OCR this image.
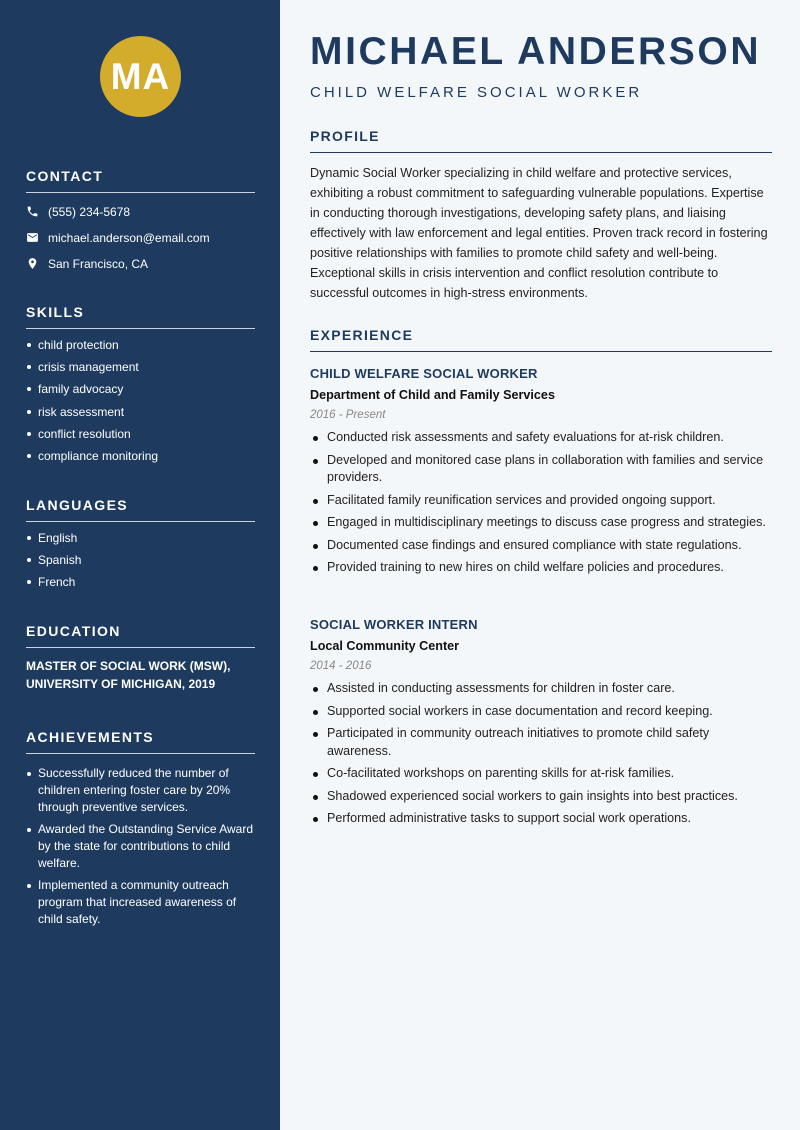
MA
CONTACT
(555) 234-5678
michael.anderson@email.com
San Francisco, CA
SKILLS
child protection
crisis management
family advocacy
risk assessment
conflict resolution
compliance monitoring
LANGUAGES
English
Spanish
French
EDUCATION
MASTER OF SOCIAL WORK (MSW), UNIVERSITY OF MICHIGAN, 2019
ACHIEVEMENTS
Successfully reduced the number of children entering foster care by 20% through preventive services.
Awarded the Outstanding Service Award by the state for contributions to child welfare.
Implemented a community outreach program that increased awareness of child safety.
MICHAEL ANDERSON
CHILD WELFARE SOCIAL WORKER
PROFILE
Dynamic Social Worker specializing in child welfare and protective services, exhibiting a robust commitment to safeguarding vulnerable populations. Expertise in conducting thorough investigations, developing safety plans, and liaising effectively with law enforcement and legal entities. Proven track record in fostering positive relationships with families to promote child safety and well-being. Exceptional skills in crisis intervention and conflict resolution contribute to successful outcomes in high-stress environments.
EXPERIENCE
CHILD WELFARE SOCIAL WORKER
Department of Child and Family Services
2016 - Present
Conducted risk assessments and safety evaluations for at-risk children.
Developed and monitored case plans in collaboration with families and service providers.
Facilitated family reunification services and provided ongoing support.
Engaged in multidisciplinary meetings to discuss case progress and strategies.
Documented case findings and ensured compliance with state regulations.
Provided training to new hires on child welfare policies and procedures.
SOCIAL WORKER INTERN
Local Community Center
2014 - 2016
Assisted in conducting assessments for children in foster care.
Supported social workers in case documentation and record keeping.
Participated in community outreach initiatives to promote child safety awareness.
Co-facilitated workshops on parenting skills for at-risk families.
Shadowed experienced social workers to gain insights into best practices.
Performed administrative tasks to support social work operations.
